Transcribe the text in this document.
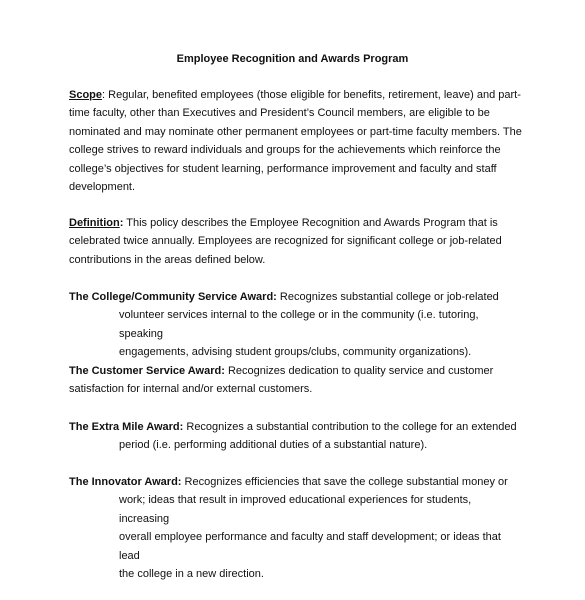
Employee Recognition and Awards Program
Scope: Regular, benefited employees (those eligible for benefits, retirement, leave) and part-
time faculty, other than Executives and President’s Council members, are eligible to be
nominated and may nominate other permanent employees or part-time faculty members. The
college strives to reward individuals and groups for the achievements which reinforce the
college’s objectives for student learning, performance improvement and faculty and staff
development.
Definition: This policy describes the Employee Recognition and Awards Program that is
celebrated twice annually. Employees are recognized for significant college or job-related
contributions in the areas defined below.
The College/Community Service Award: Recognizes substantial college or job-related
volunteer services internal to the college or in the community (i.e. tutoring, speaking
engagements, advising student groups/clubs, community organizations).
The Customer Service Award: Recognizes dedication to quality service and customer
satisfaction for internal and/or external customers.
The Extra Mile Award: Recognizes a substantial contribution to the college for an extended
period (i.e. performing additional duties of a substantial nature).
The Innovator Award: Recognizes efficiencies that save the college substantial money or
work; ideas that result in improved educational experiences for students, increasing
overall employee performance and faculty and staff development; or ideas that lead
the college in a new direction.
